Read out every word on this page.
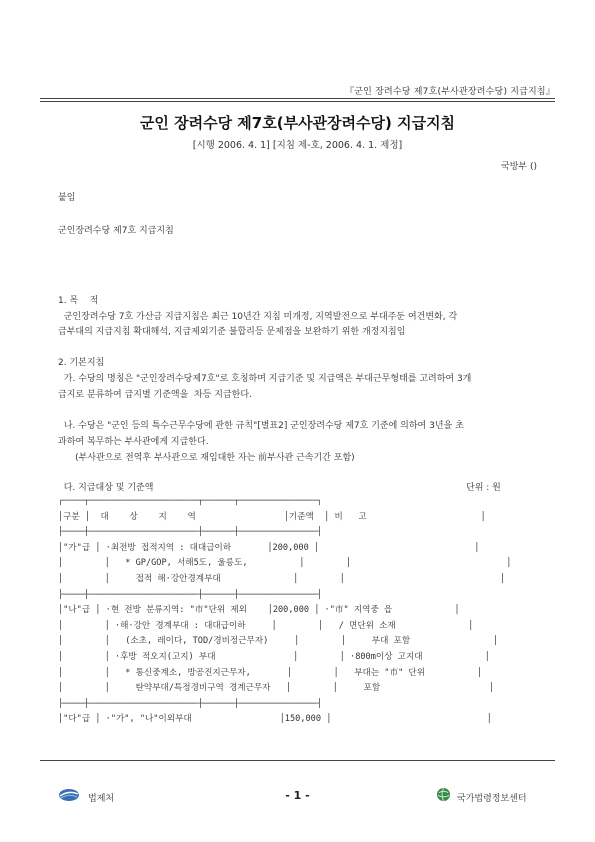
『군인 장려수당 제7호(부사관장려수당) 지급지침』
군인 장려수당 제7호(부사관장려수당) 지급지침
[시행 2006. 4. 1] [지침 제-호, 2006. 4. 1. 제정]
국방부 ()
붙임
군인장려수당 제7호 지급지침
1. 목    적
군인장려수당 7호 가산금 지급지침은 최근 10년간 지침 미개정, 지역발전으로 부대주둔 여건변화, 각
급부대의 지급지침 확대해석, 지급제외기준 불합리등 문제점을 보완하기 위한 개정지침임
2. 기본지침
가. 수당의 명칭은 "군인장려수당제7호"로 호칭하며 지급기준 및 지급액은 부대근무형태를 고려하여 3개
급지로 분류하여 급지별 기준액을  차등 지급한다.
나. 수당은 "군인 등의 특수근무수당에 관한 규칙"[별표2] 군인장려수당 제7호 기준에 의하여 3년을 초
과하여 복무하는 부사관에게 지급한다.
(부사관으로 전역후 부사관으로 재임대한 자는 前부사관 근속기간 포함)
다. 지급대상 및 기준액	단위 : 원
┌────┬─────────────────────┬──────┬───────────────┐
│구분 │  대    상    지    역                 │기준액  │ 비   고                      │
├────┼─────────────────────┼──────┼───────────────┤
│"가"급 │ ·최전방 접적지역 : 대대급이하       │200,000 │                              │
│        │   * GP/GOP, 서해5도, 울릉도,          │        │                              │
│        │     접적 해·강안경계부대              │        │                              │
├────┼─────────────────────┼──────┼───────────────┤
│"나"급 │ ·현 전방 분류지역: "市"단위 제외    │200,000 │ ·"市" 지역중 읍            │
│        │ ·해·강안 경계부대 : 대대급이하     │        │   / 면단위 소재              │
│        │   (소초, 레이다, TOD/경비정근무자)     │        │     부대 포함                │
│        │ ·후방 적오지(고지) 부대               │        │ ·800m이상 고지대            │
│        │   * 통신중계소, 방공진지근무자,       │        │   부대는 "市" 단위          │
│        │     탄약부대/특정경비구역 경계근무자   │        │     포함                     │
├────┼─────────────────────┼──────┼───────────────┤
│"다"급 │ ·"가", "나"이외부대                 │150,000 │                              │
법제처	- 1 -	국가법령정보센터
